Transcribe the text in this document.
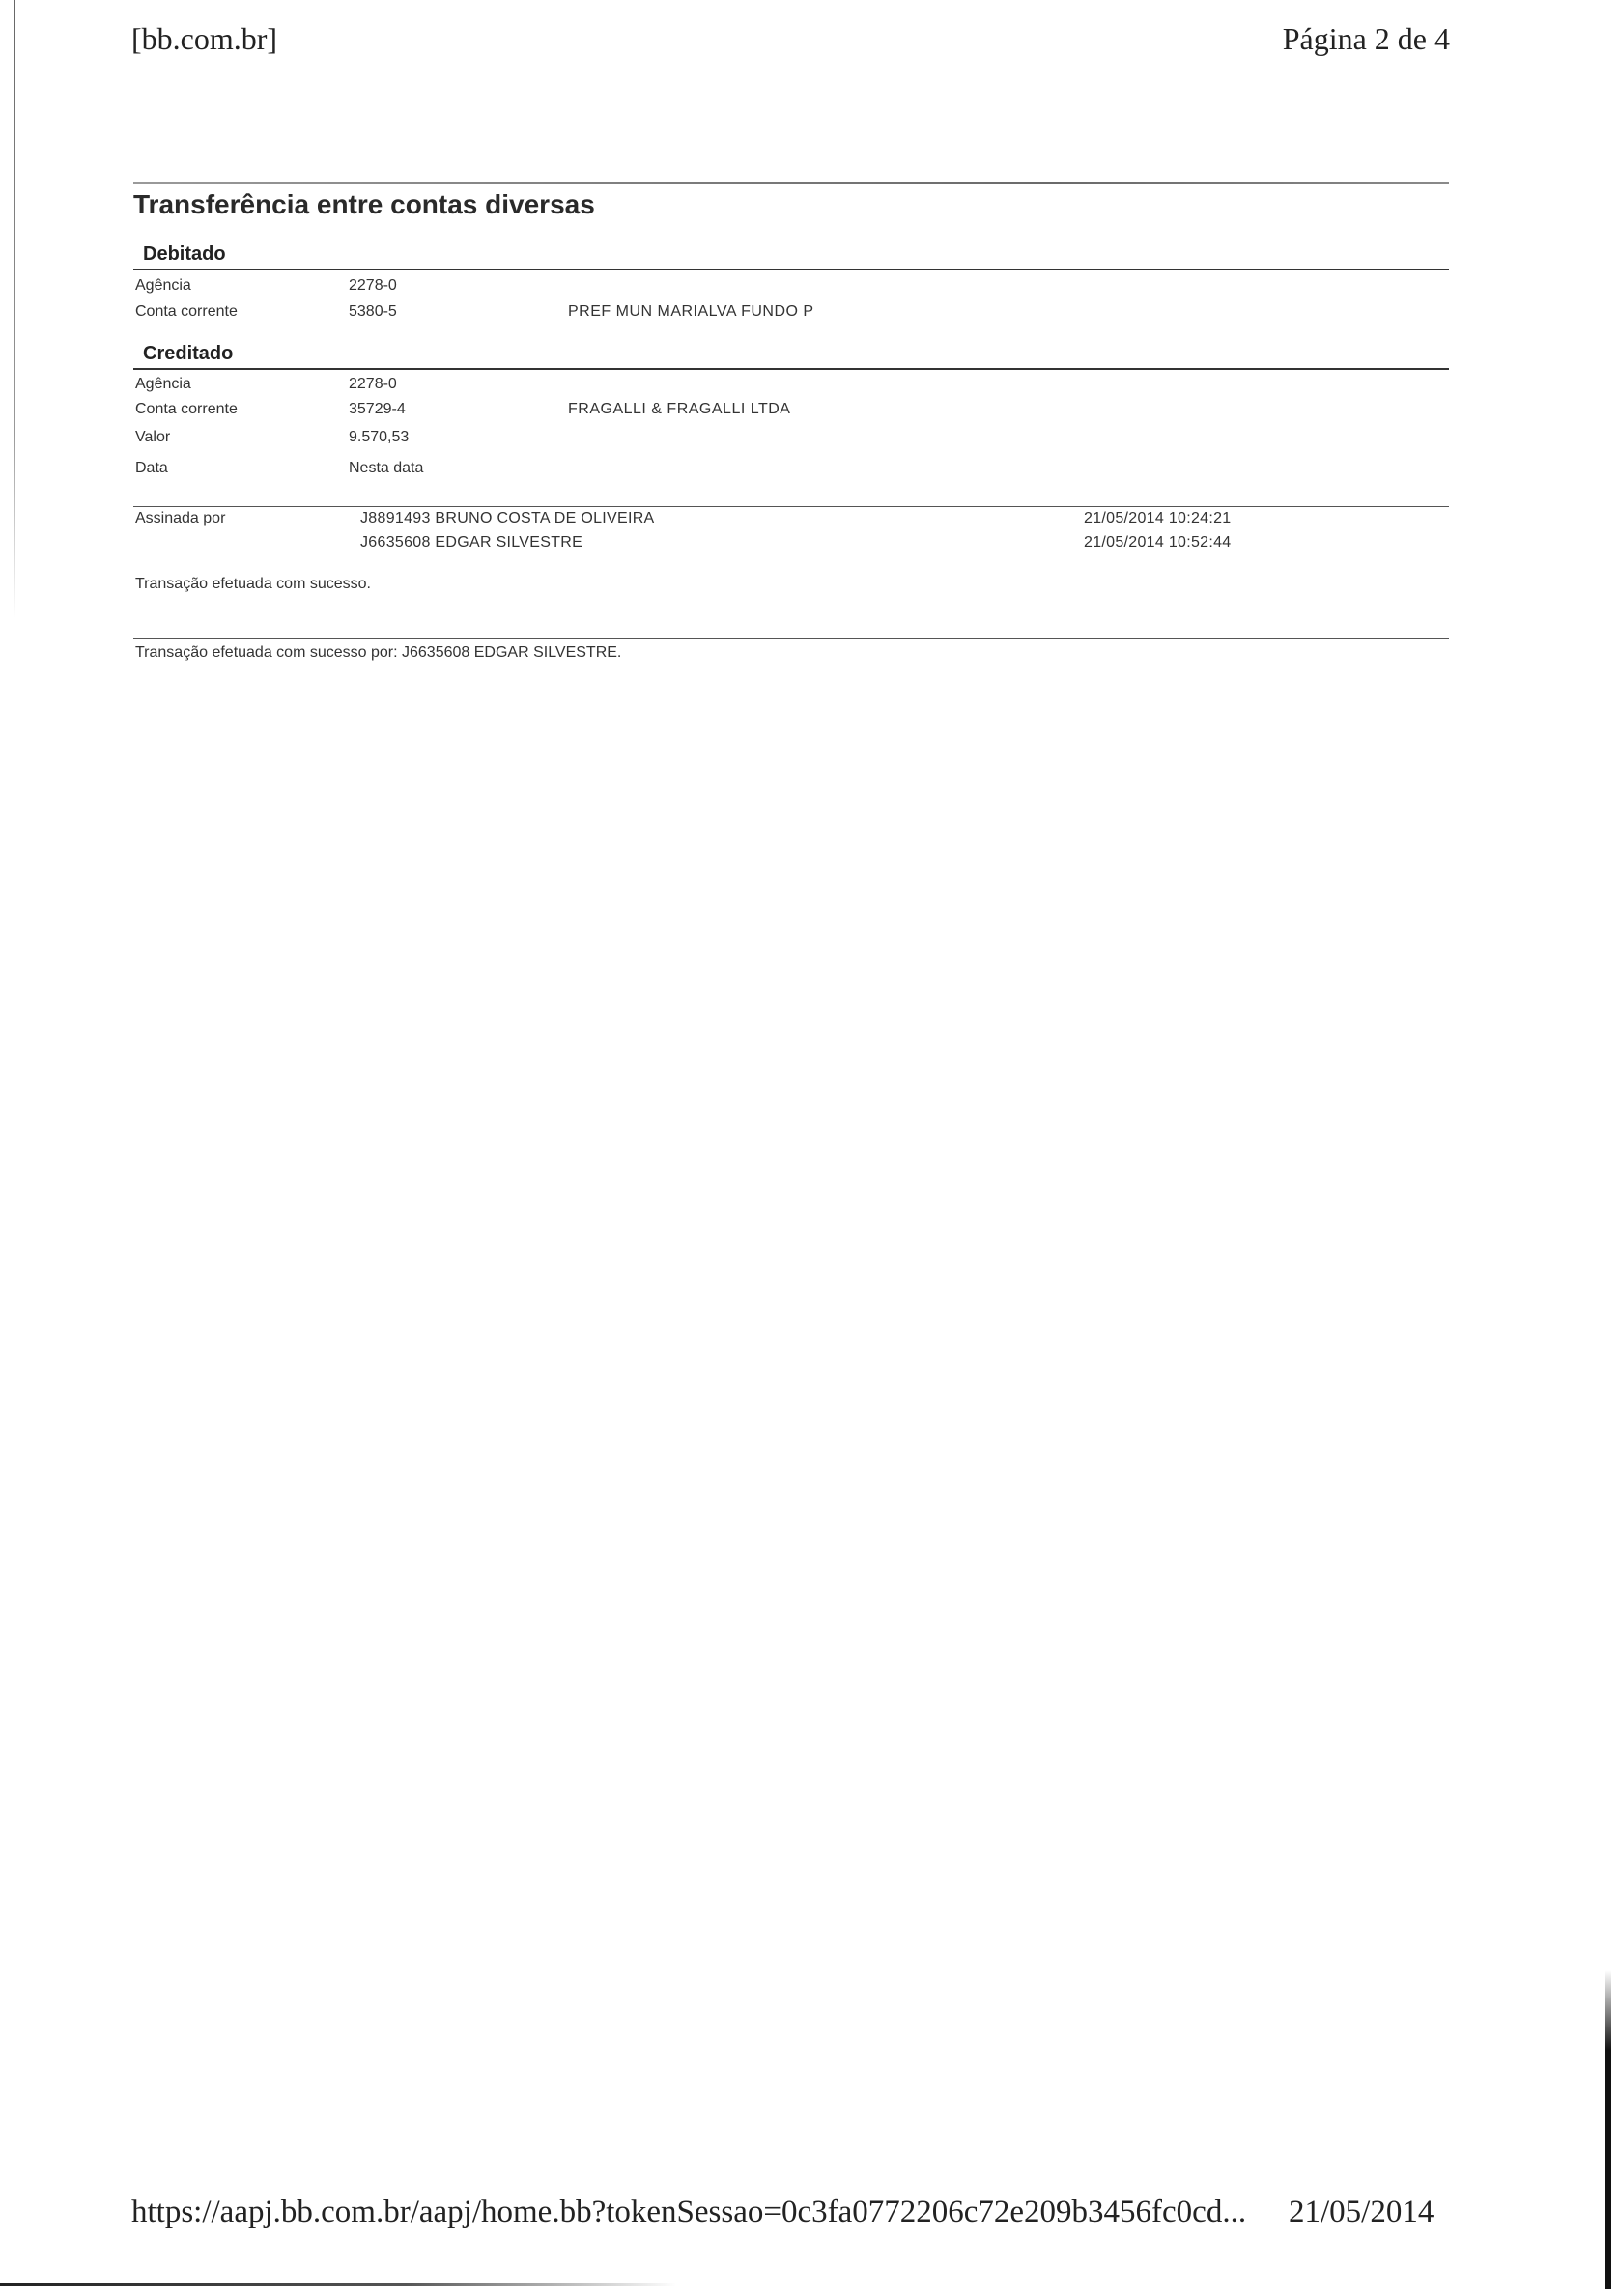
[bb.com.br]	Página 2 de 4
Transferência entre contas diversas
Debitado
Agência	2278-0
Conta corrente	5380-5	PREF MUN MARIALVA FUNDO P
Creditado
Agência	2278-0
Conta corrente	35729-4	FRAGALLI & FRAGALLI LTDA
Valor	9.570,53
Data	Nesta data
Assinada por	J8891493 BRUNO COSTA DE OLIVEIRA	21/05/2014 10:24:21
J6635608 EDGAR SILVESTRE	21/05/2014 10:52:44
Transação efetuada com sucesso.
Transação efetuada com sucesso por: J6635608 EDGAR SILVESTRE.
https://aapj.bb.com.br/aapj/home.bb?tokenSessao=0c3fa0772206c72e209b3456fc0cd... 21/05/2014
